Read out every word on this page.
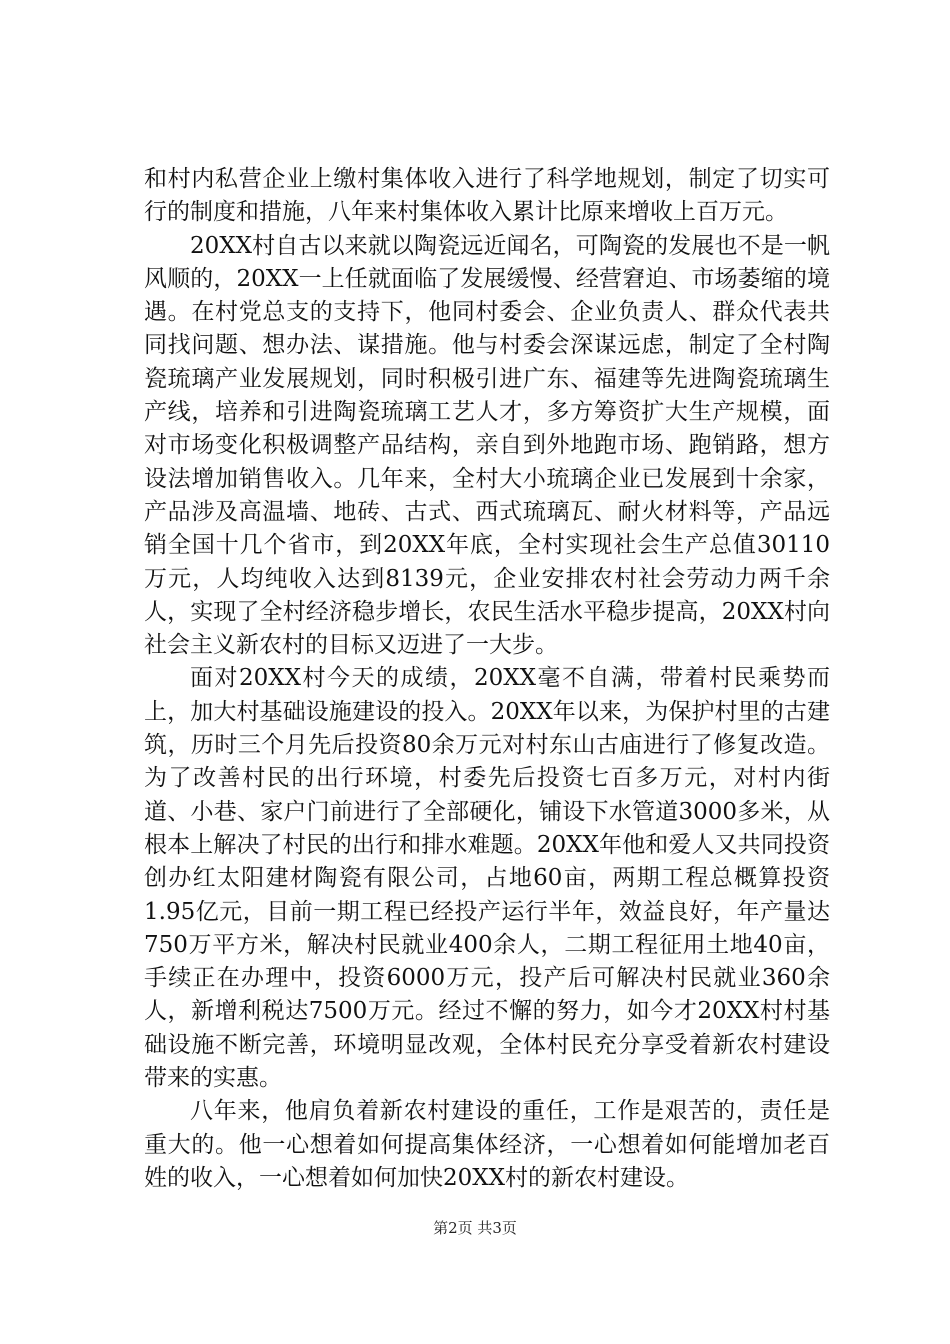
和村内私营企业上缴村集体收入进行了科学地规划，制定了切实可行的制度和措施，八年来村集体收入累计比原来增收上百万元。

20XX村自古以来就以陶瓷远近闻名，可陶瓷的发展也不是一帆风顺的，20XX一上任就面临了发展缓慢、经营窘迫、市场萎缩的境遇。在村党总支的支持下，他同村委会、企业负责人、群众代表共同找问题、想办法、谋措施。他与村委会深谋远虑，制定了全村陶瓷琉璃产业发展规划，同时积极引进广东、福建等先进陶瓷琉璃生产线，培养和引进陶瓷琉璃工艺人才，多方筹资扩大生产规模，面对市场变化积极调整产品结构，亲自到外地跑市场、跑销路，想方设法增加销售收入。几年来，全村大小琉璃企业已发展到十余家，产品涉及高温墙、地砖、古式、西式琉璃瓦、耐火材料等，产品远销全国十几个省市，到20XX年底，全村实现社会生产总值30110万元，人均纯收入达到8139元，企业安排农村社会劳动力两千余人，实现了全村经济稳步增长，农民生活水平稳步提高，20XX村向社会主义新农村的目标又迈进了一大步。

面对20XX村今天的成绩，20XX毫不自满，带着村民乘势而上，加大村基础设施建设的投入。20XX年以来，为保护村里的古建筑，历时三个月先后投资80余万元对村东山古庙进行了修复改造。为了改善村民的出行环境，村委先后投资七百多万元，对村内街道、小巷、家户门前进行了全部硬化，铺设下水管道3000多米，从根本上解决了村民的出行和排水难题。20XX年他和爱人又共同投资创办红太阳建材陶瓷有限公司，占地60亩，两期工程总概算投资1.95亿元，目前一期工程已经投产运行半年，效益良好，年产量达750万平方米，解决村民就业400余人，二期工程征用土地40亩，手续正在办理中，投资6000万元，投产后可解决村民就业360余人，新增利税达7500万元。经过不懈的努力，如今才20XX村村基础设施不断完善，环境明显改观，全体村民充分享受着新农村建设带来的实惠。

八年来，他肩负着新农村建设的重任，工作是艰苦的，责任是重大的。他一心想着如何提高集体经济，一心想着如何能增加老百姓的收入，一心想着如何加快20XX村的新农村建设。

第2页 共3页
